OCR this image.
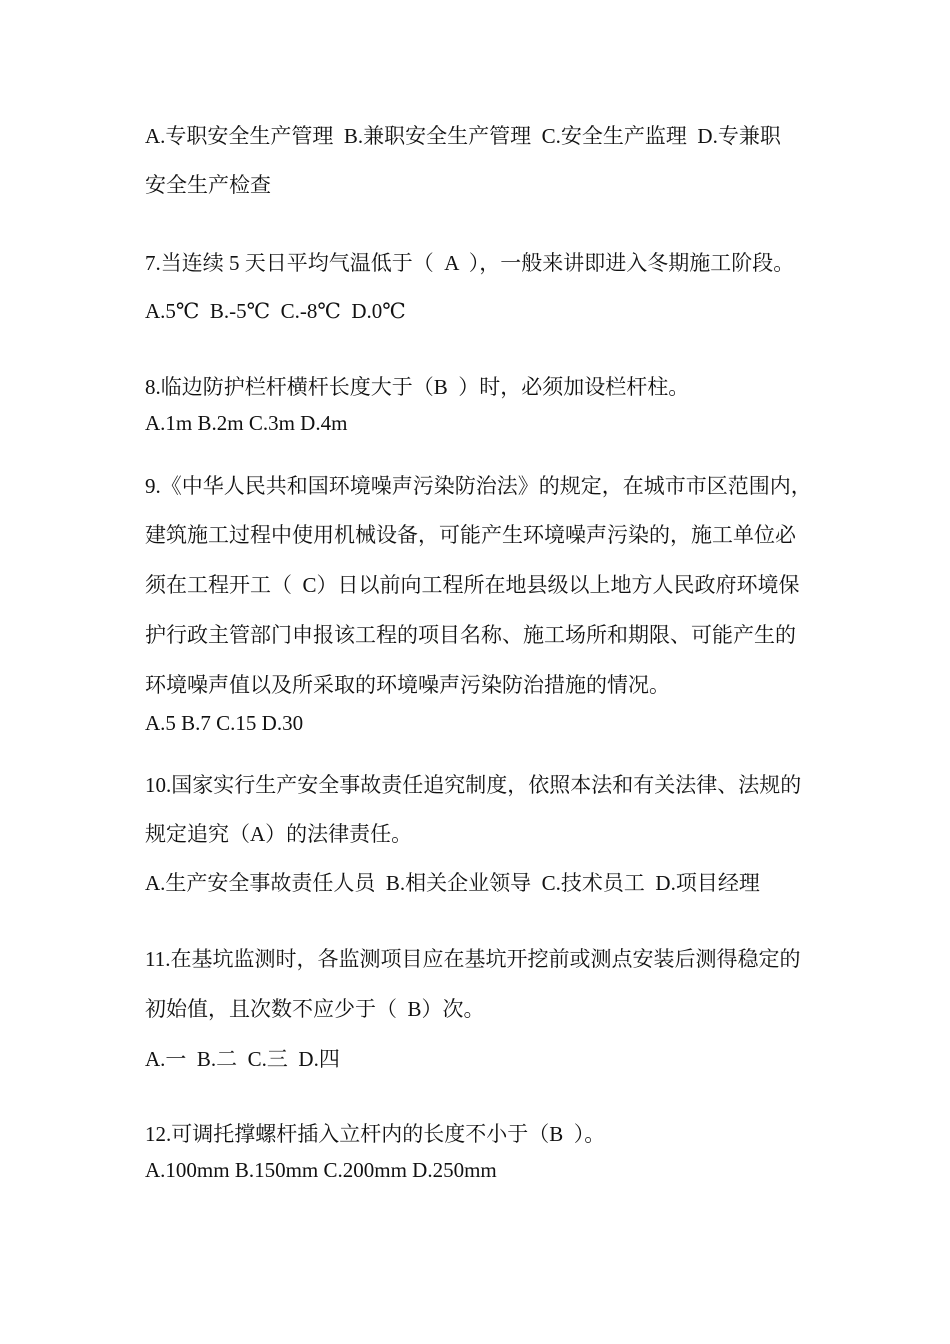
A.专职安全生产管理  B.兼职安全生产管理  C.安全生产监理  D.专兼职
安全生产检查
7.当连续 5 天日平均气温低于（  A  ），一般来讲即进入冬期施工阶段。
A.5℃  B.-5℃  C.-8℃  D.0℃
8.临边防护栏杆横杆长度大于（B  ）时，必须加设栏杆柱。
A.1m B.2m C.3m D.4m
9.《中华人民共和国环境噪声污染防治法》的规定，在城市市区范围内，
建筑施工过程中使用机械设备，可能产生环境噪声污染的，施工单位必
须在工程开工（  C）日以前向工程所在地县级以上地方人民政府环境保
护行政主管部门申报该工程的项目名称、施工场所和期限、可能产生的
环境噪声值以及所采取的环境噪声污染防治措施的情况。
A.5 B.7 C.15 D.30
10.国家实行生产安全事故责任追究制度，依照本法和有关法律、法规的
规定追究（A）的法律责任。
A.生产安全事故责任人员  B.相关企业领导  C.技术员工  D.项目经理
11.在基坑监测时，各监测项目应在基坑开挖前或测点安装后测得稳定的
初始值，且次数不应少于（  B）次。
A.一  B.二  C.三  D.四
12.可调托撑螺杆插入立杆内的长度不小于（B  ）。
A.100mm B.150mm C.200mm D.250mm
